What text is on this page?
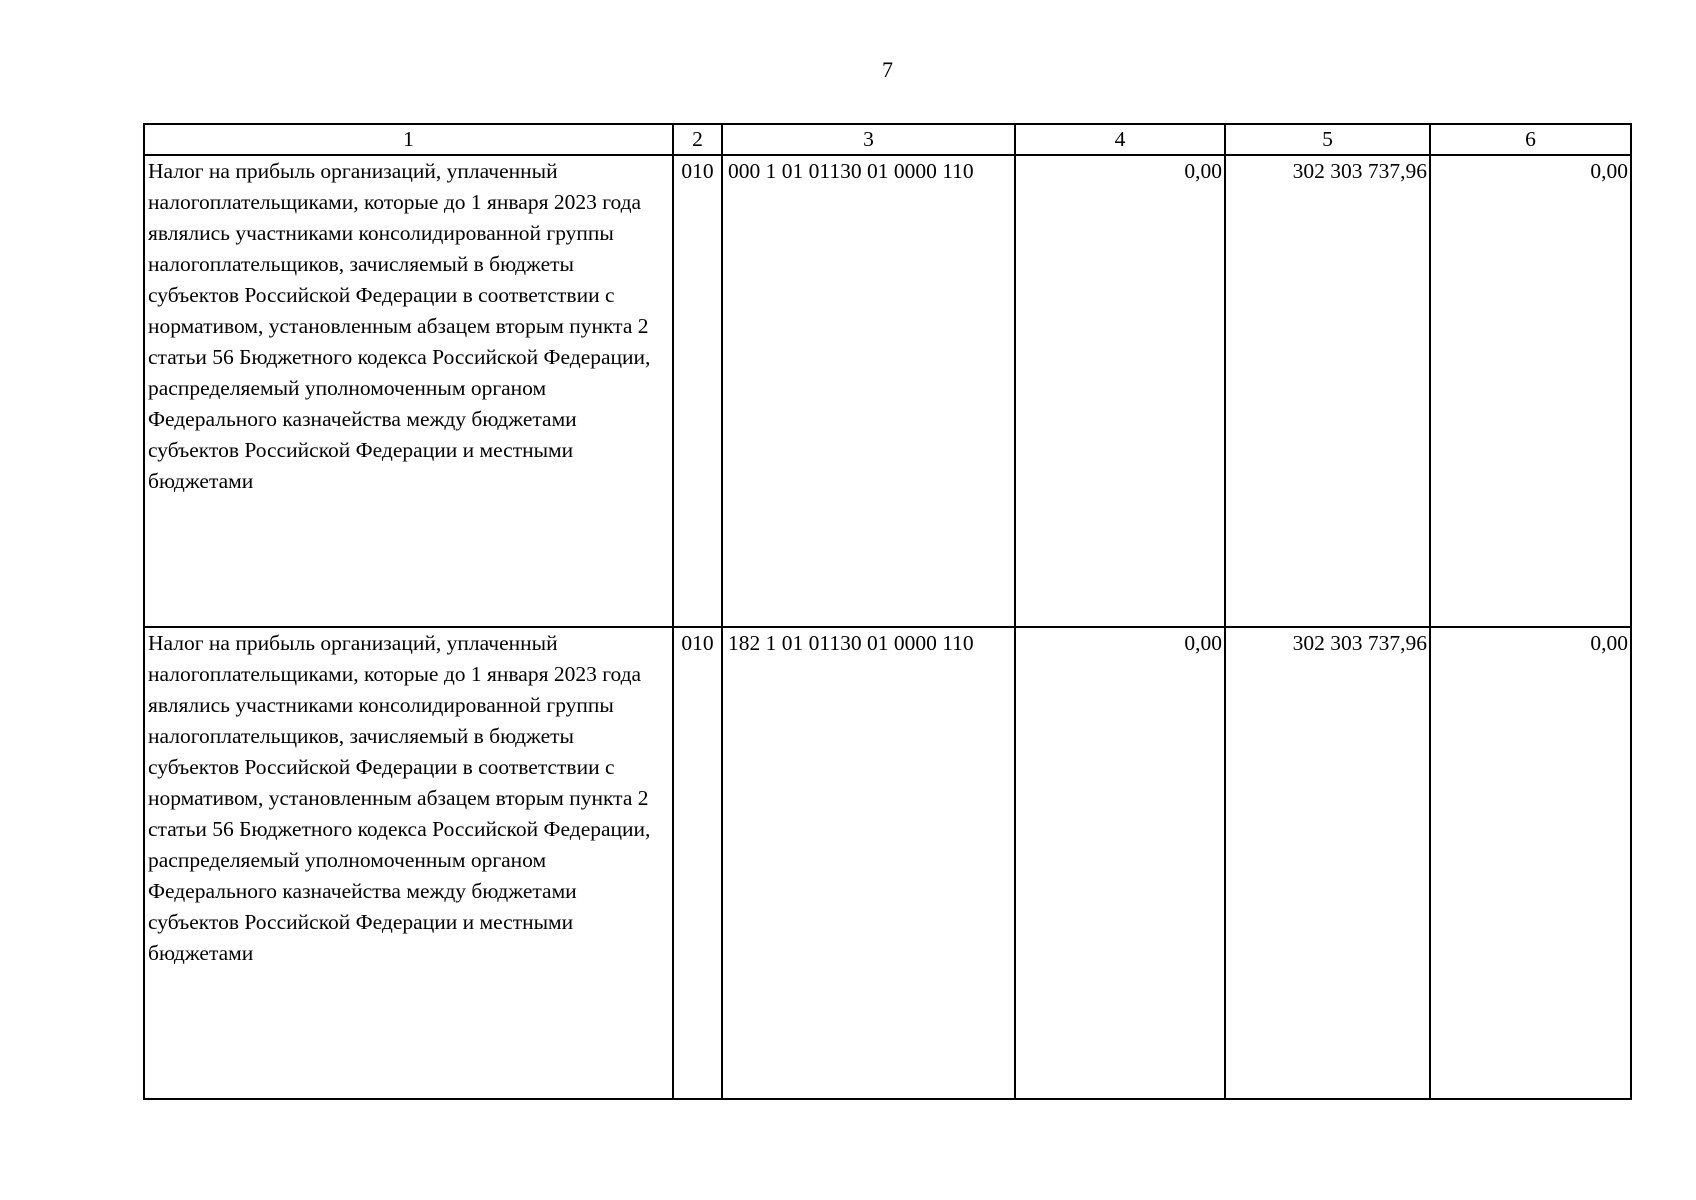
7
1	2	3	4	5	6
Налог на прибыль организаций, уплаченный налогоплательщиками, которые до 1 января 2023 года являлись участниками консолидированной группы налогоплательщиков, зачисляемый в бюджеты субъектов Российской Федерации в соответствии с нормативом, установленным абзацем вторым пункта 2 статьи 56 Бюджетного кодекса Российской Федерации, распределяемый уполномоченным органом Федерального казначейства между бюджетами субъектов Российской Федерации и местными бюджетами	010	000 1 01 01130 01 0000 110	0,00	302 303 737,96	0,00
Налог на прибыль организаций, уплаченный налогоплательщиками, которые до 1 января 2023 года являлись участниками консолидированной группы налогоплательщиков, зачисляемый в бюджеты субъектов Российской Федерации в соответствии с нормативом, установленным абзацем вторым пункта 2 статьи 56 Бюджетного кодекса Российской Федерации, распределяемый уполномоченным органом Федерального казначейства между бюджетами субъектов Российской Федерации и местными бюджетами	010	182 1 01 01130 01 0000 110	0,00	302 303 737,96	0,00
